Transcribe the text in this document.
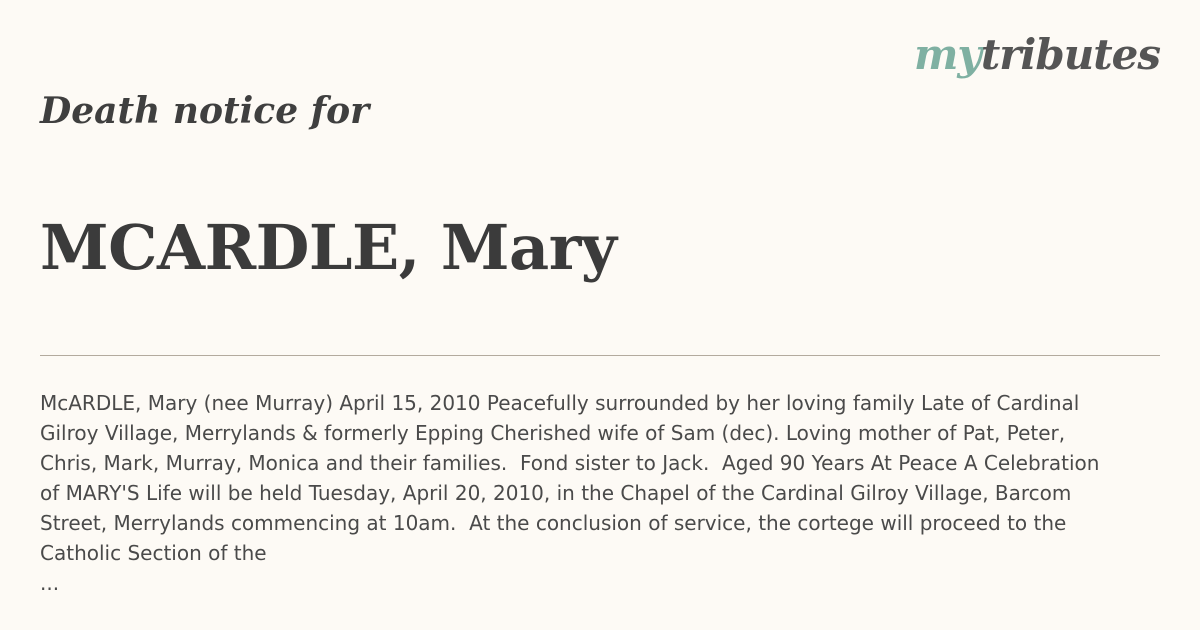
mytributes
Death notice for
MCARDLE, Mary

McARDLE, Mary (nee Murray) April 15, 2010 Peacefully surrounded by her loving family Late of Cardinal Gilroy Village, Merrylands & formerly Epping Cherished wife of Sam (dec). Loving mother of Pat, Peter, Chris, Mark, Murray, Monica and their families.  Fond sister to Jack.  Aged 90 Years At Peace A Celebration of MARY'S Life will be held Tuesday, April 20, 2010, in the Chapel of the Cardinal Gilroy Village, Barcom Street, Merrylands commencing at 10am.  At the conclusion of service, the cortege will proceed to the Catholic Section of the
...
